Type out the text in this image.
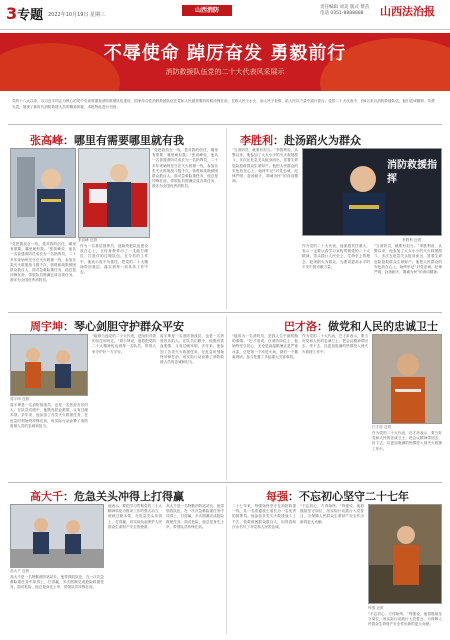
3专题 2022年10月19日 星期三
山西消防	责任编辑 刘美 版式 黄苗
电话 0351-8888888	山西法治报
不辱使命 踔厉奋发 勇毅前行
消防救援队伍党的二十大代表风采展示
党的十八大以来，以习近平同志为核心的党中央高度重视消防救援队伍建设，国家综合性消防救援队伍在党和人民最需要的时候冲锋在前，在救人民于水火、助人民于危难、给人民以力量中践行誓言。党的二十大代表中，有8名来自消防救援队伍，他们忠诚履职、英勇无畏，展现了新时代消防救援人员的精神风貌，本报特此进行刊登。
张高峰：哪里有需要哪里就有我
张高峰 近照
“党把我放在一线，是对我的信任，哪里有需要，哪里就有我。”张高峰说，他从一名普通消防员成长为一名指挥员，二十多年来始终坚守在灭火救援一线，参加各类灭火救援战斗数千次，营救和疏散被困群众数百人。面对急难险重任务，他总是冲锋在前，带领队员圆满完成各项任务，被评为全国优秀消防员。
作为一名基层指挥员，他始终把队伍建设放在心上，言传身教带出了一支能打硬仗、打胜仗的过硬队伍。在今后的工作中，他表示将不负重托，把党的二十大精神带回基层，落实到每一项具体工作中去。
“党把我放在一线，是对我的信任，哪里有需要，哪里就有我。”张高峰说，他从一名普通消防员成长为一名指挥员，二十多年来始终坚守在灭火救援一线，参加各类灭火救援战斗数千次，营救和疏散被困群众数百人。面对急难险重任务，他总是冲锋在前，带领队员圆满完成各项任务，被评为全国优秀消防员。
李胜利：赴汤蹈火为群众
“当消防员，就要有担当。”李胜利说，从警以来，他参加了大大小小的灭火救援战斗，多次在危急关头挺身而出，冒着生命危险抢救群众生命财产。他把人民群众的安危放在心上，始终牢记“对党忠诚、纪律严明、赴汤蹈火、竭诚为民”的训词精神。
消防救援指挥
李胜利 近照
作为党的二十大代表，他深感责任重大，表示一定要认真学习宣传贯彻党的二十大精神，带头践行人民至上、生命至上的理念，赴汤蹈火为群众，为建设更高水平的平安中国贡献力量。
“当消防员，就要有担当。”李胜利说，从警以来，他参加了大大小小的灭火救援战斗，多次在危急关头挺身而出，冒着生命危险抢救群众生命财产。他把人民群众的安危放在心上，始终牢记“对党忠诚、纪律严明、赴汤蹈火、竭诚为民”的训词精神。
周宇坤：琴心剑胆守护群众平安
周宇坤 近照
周宇坤是一名消防指战员，也是一名热爱音乐的人。在队员们眼中，他既有铁血柔情，又有过硬本领。多年来，他参加了各类灭火救援任务，在危急时刻始终冲锋在前，用实际行动诠释了消防救援人员的忠诚和担当。
“能够当选党的二十大代表，是组织对我的信任和肯定。”周宇坤说，他将把党的二十大精神传达到每一名队员，带领大家守护好一方平安。
周宇坤是一名消防指战员，也是一名热爱音乐的人。在队员们眼中，他既有铁血柔情，又有过硬本领。多年来，他参加了各类灭火救援任务，在危急时刻始终冲锋在前，用实际行动诠释了消防救援人员的忠诚和担当。
巴才洛：做党和人民的忠诚卫士
“能成为一名消防员，是我人生中最骄傲的事情。”巴才洛说。在消防岗位上，他始终坚守初心，无论是高温酷暑还是严寒冰冻，总是第一个冲进火场，最后一个撤离现场，参与处置了多起重大灾害事故。
作为党的二十大代表，巴才洛表示，要当好党和人民的忠诚卫士，把会议精神带回去、传下去，以更加饱满的热情投入到灭火救援工作中。
巴才洛 近照
作为党的二十大代表，巴才洛表示，要当好党和人民的忠诚卫士，把会议精神带回去、传下去，以更加饱满的热情投入到灭火救援工作中。
高大千：危急关头冲得上打得赢
高大千 近照
高大千是一名特勤消防站站长。他带领的队伍，在一次次急难险重任务中冲得上、打得赢，多次圆满完成抢险救援任务。面对危险，他总是身先士卒，带领队员冲锋在前。
他表示，要把学习贯彻党的二十大精神转化为推动工作的强大动力，练就过硬本领，在危急关头冲得上、打得赢，切实肩负起保护人民群众生命财产安全的使命。
高大千是一名特勤消防站站长。他带领的队伍，在一次次急难险重任务中冲得上、打得赢，多次圆满完成抢险救援任务。面对危险，他总是身先士卒，带领队员冲锋在前。
每强：不忘初心坚守二十七年
二十七年来，每强始终坚守在消防救援一线，从一名普通战士成长为一名优秀的指挥员。他参加各类灭火救援战斗上千次，营救被困群众数百人，用青春和汗水书写了对党和人民的忠诚。
“不忘初心，方得始终。”每强说，他将继续坚守岗位，用实际行动践行入党誓言，为保障人民群众生命财产安全作出新的更大贡献。
每强 近照
“不忘初心，方得始终。”每强说，他将继续坚守岗位，用实际行动践行入党誓言，为保障人民群众生命财产安全作出新的更大贡献。
